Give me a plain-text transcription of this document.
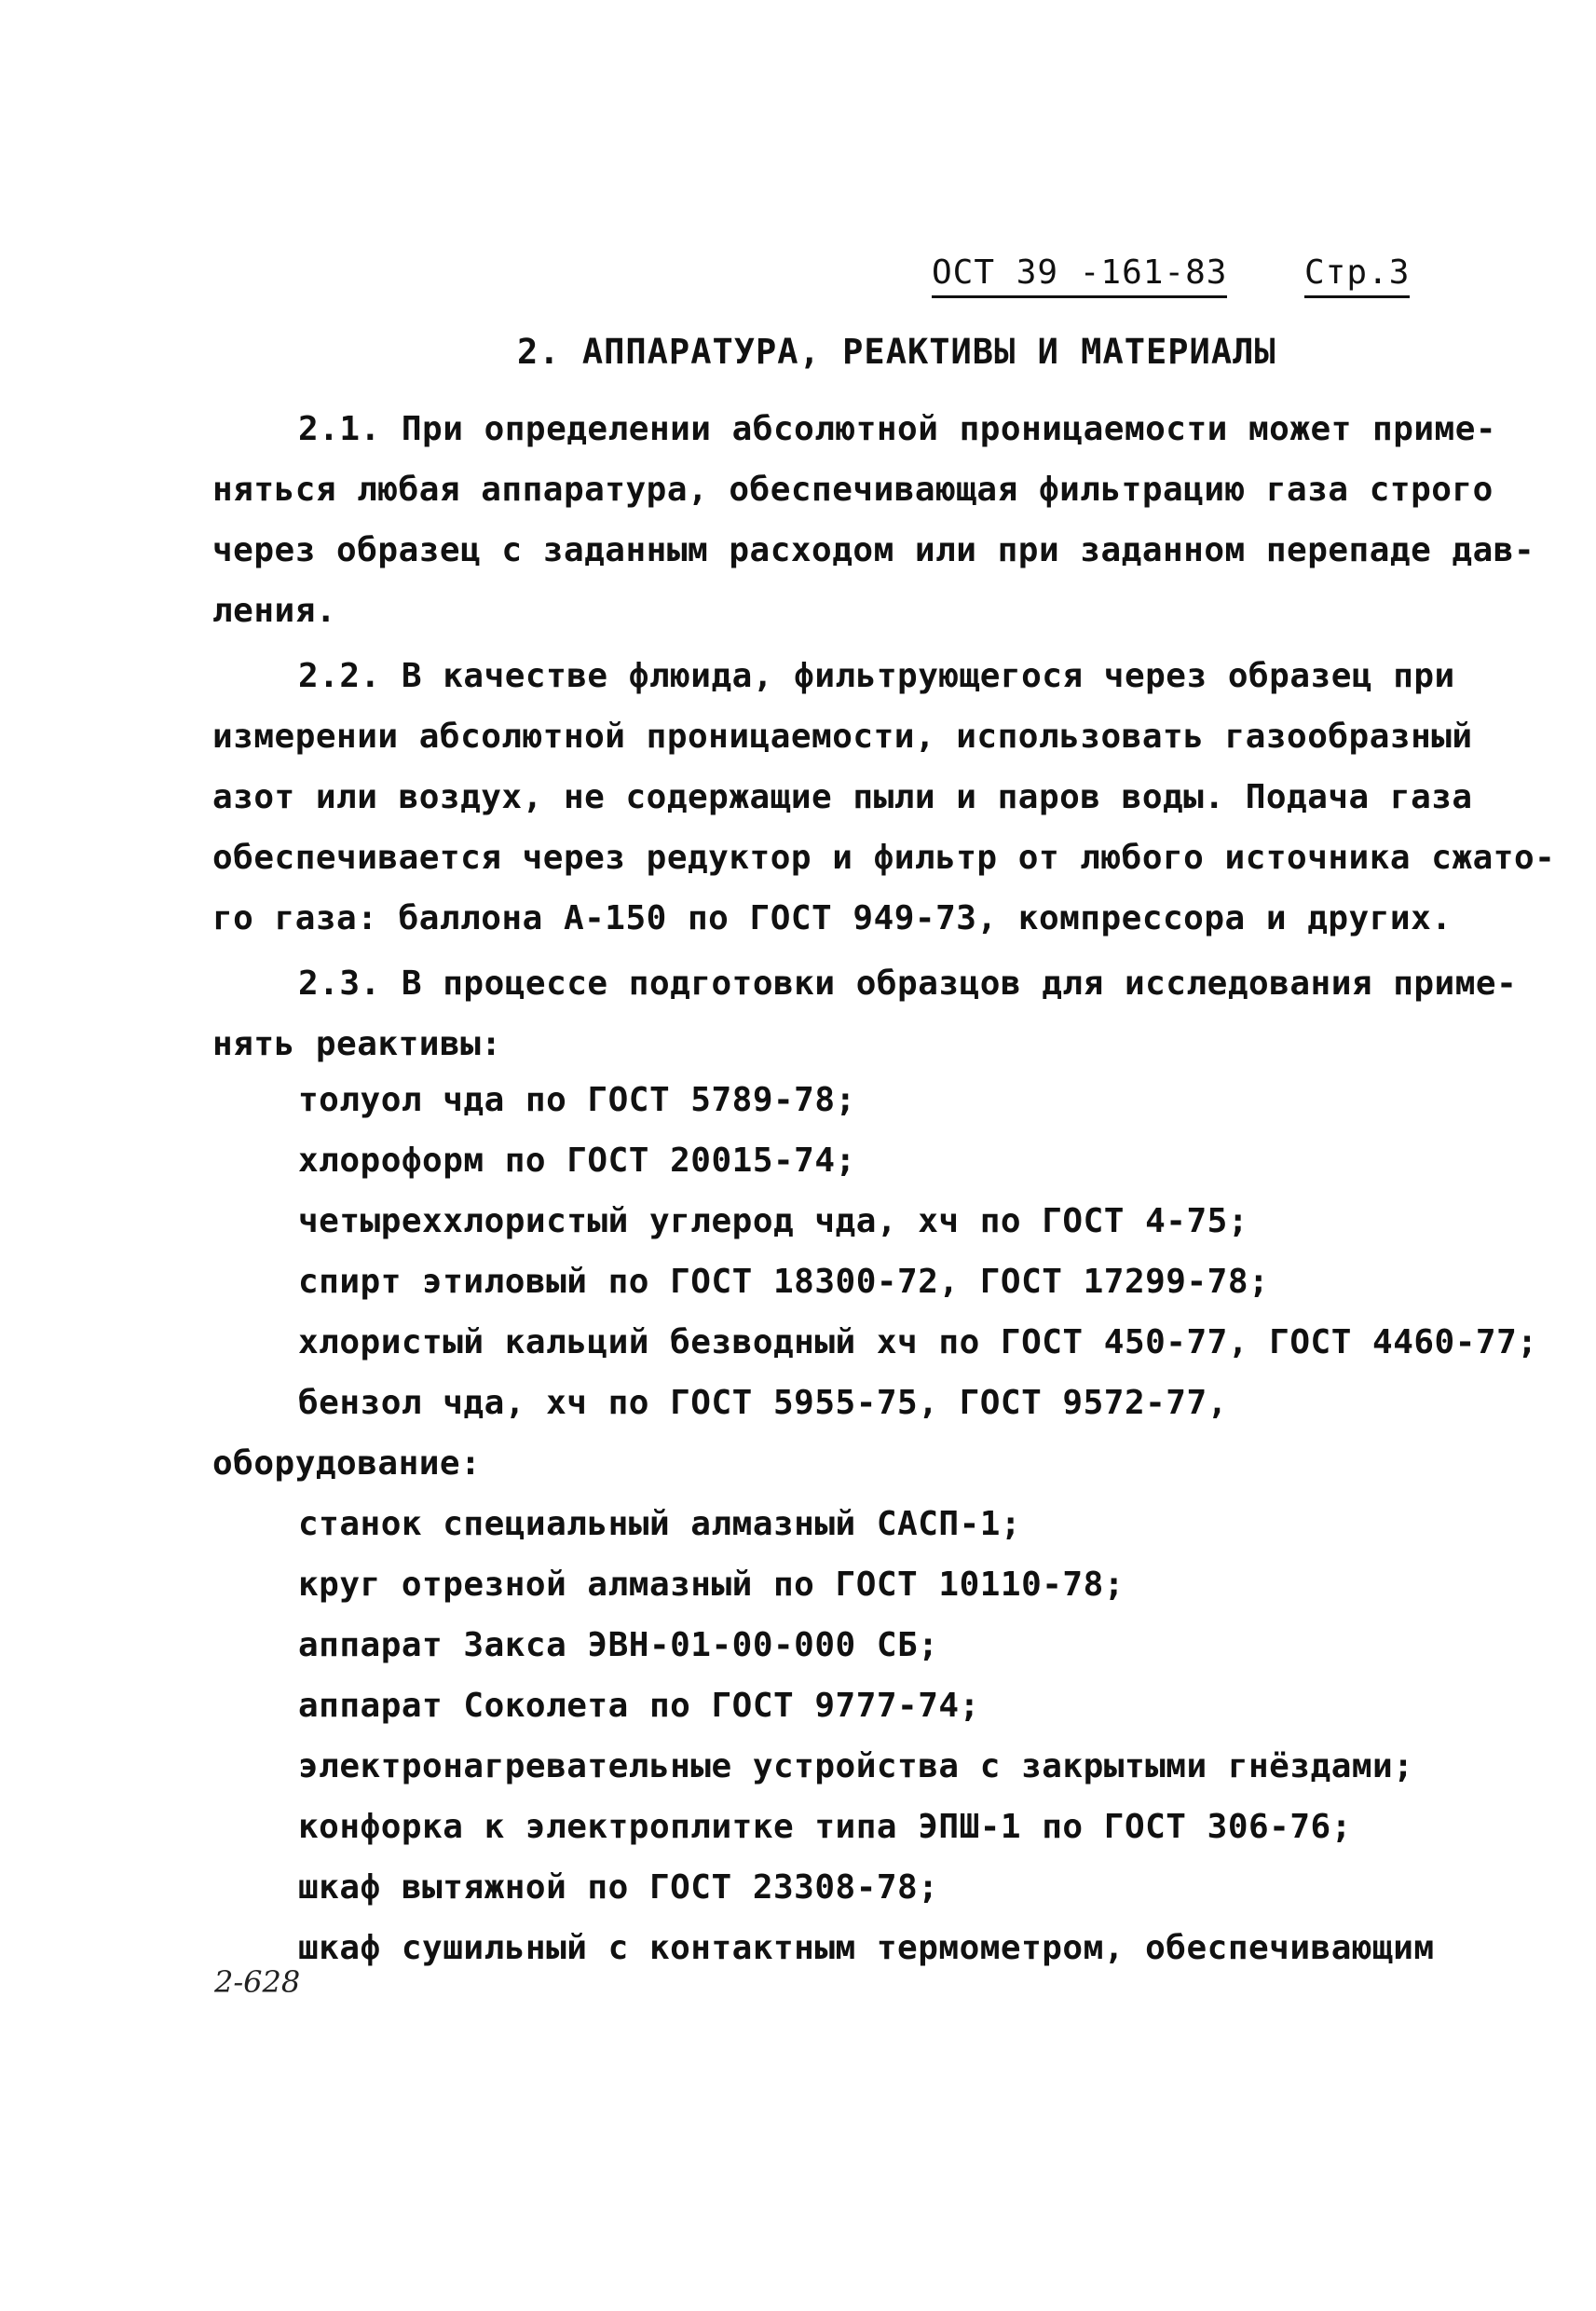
ОСТ 39 -161-83 Стр.3
2. АППАРАТУРА, РЕАКТИВЫ И МАТЕРИАЛЫ
2.1. При определении абсолютной проницаемости может приме-
няться любая аппаратура, обеспечивающая фильтрацию газа строго
через образец с заданным расходом или при заданном перепаде дав-
ления.
2.2. В качестве флюида, фильтрующегося через образец при
измерении абсолютной проницаемости, использовать газообразный
азот или воздух, не содержащие пыли и паров воды. Подача газа
обеспечивается через редуктор и фильтр от любого источника сжато-
го газа: баллона А-150 по ГОСТ 949-73, компрессора и других.
2.3. В процессе подготовки образцов для исследования приме-
нять реактивы:
толуол чда по ГОСТ 5789-78;
хлороформ по ГОСТ 20015-74;
четыреххлористый углерод чда, хч по ГОСТ 4-75;
спирт этиловый по ГОСТ 18300-72, ГОСТ 17299-78;
хлористый кальций безводный хч по ГОСТ 450-77, ГОСТ 4460-77;
бензол чда, хч по ГОСТ 5955-75, ГОСТ 9572-77,
оборудование:
станок специальный алмазный САСП-1;
круг отрезной алмазный по ГОСТ 10110-78;
аппарат Закса ЭВН-01-00-000 СБ;
аппарат Соколета по ГОСТ 9777-74;
электронагревательные устройства с закрытыми гнёздами;
конфорка к электроплитке типа ЭПШ-1 по ГОСТ 306-76;
шкаф вытяжной по ГОСТ 23308-78;
шкаф сушильный с контактным термометром, обеспечивающим
2-628
